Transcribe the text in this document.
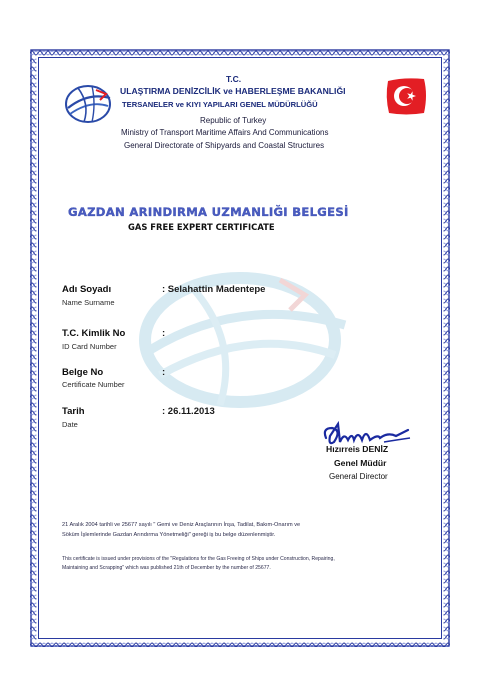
T.C.
ULAŞTIRMA DENİZCİLİK ve HABERLEŞME BAKANLIĞI
TERSANELER ve KIYI YAPILARI GENEL MÜDÜRLÜĞÜ
Republic of Turkey
Ministry of Transport Maritime Affairs And Communications
General Directorate of Shipyards and Coastal Structures
GAZDAN ARINDIRMA UZMANLIĞI BELGESİ
GAS FREE EXPERT CERTIFICATE
Adı Soyadı
Name Surname
: Selahattin Madentepe
T.C. Kimlik No
ID Card Number
:
Belge No
Certificate Number
:
Tarih
Date
: 26.11.2013
Hızırreis DENİZ
Genel Müdür
General Director
21 Aralık 2004 tarihli ve 25677 sayılı " Gemi ve Deniz Araçlarının İnşa, Tadilat, Bakım-Onarım ve
Söküm İşlemlerinde Gazdan Arındırma Yönetmeliği" gereği iş bu belge düzenlenmiştir.
This certificate is issued under provisions of the "Regulations for the Gas Freeing of Ships under Construction, Repairing,
Maintaining and Scrapping" which was published 21th of December by the number of 25677.
